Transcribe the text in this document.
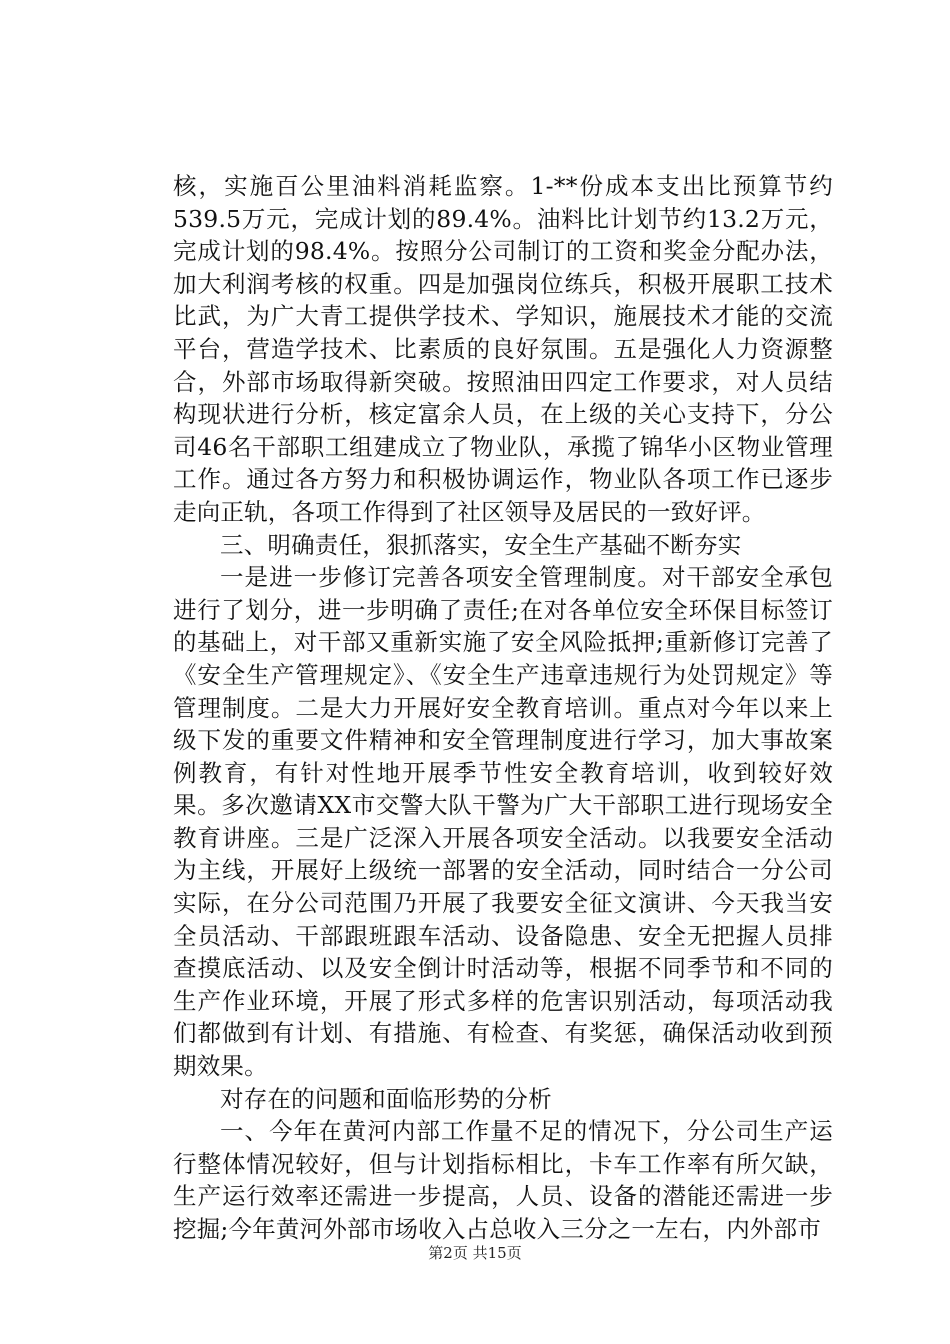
核，实施百公里油料消耗监察。1-**份成本支出比预算节约539.5万元，完成计划的89.4%。油料比计划节约13.2万元，完成计划的98.4%。按照分公司制订的工资和奖金分配办法，加大利润考核的权重。四是加强岗位练兵，积极开展职工技术比武，为广大青工提供学技术、学知识，施展技术才能的交流平台，营造学技术、比素质的良好氛围。五是强化人力资源整合，外部市场取得新突破。按照油田四定工作要求，对人员结构现状进行分析，核定富余人员，在上级的关心支持下，分公司46名干部职工组建成立了物业队，承揽了锦华小区物业管理工作。通过各方努力和积极协调运作，物业队各项工作已逐步走向正轨，各项工作得到了社区领导及居民的一致好评。

三、明确责任，狠抓落实，安全生产基础不断夯实

一是进一步修订完善各项安全管理制度。对干部安全承包进行了划分，进一步明确了责任;在对各单位安全环保目标签订的基础上，对干部又重新实施了安全风险抵押;重新修订完善了《安全生产管理规定》、《安全生产违章违规行为处罚规定》等管理制度。二是大力开展好安全教育培训。重点对今年以来上级下发的重要文件精神和安全管理制度进行学习，加大事故案例教育，有针对性地开展季节性安全教育培训，收到较好效果。多次邀请XX市交警大队干警为广大干部职工进行现场安全教育讲座。三是广泛深入开展各项安全活动。以我要安全活动为主线，开展好上级统一部署的安全活动，同时结合一分公司实际，在分公司范围乃开展了我要安全征文演讲、今天我当安全员活动、干部跟班跟车活动、设备隐患、安全无把握人员排查摸底活动、以及安全倒计时活动等，根据不同季节和不同的生产作业环境，开展了形式多样的危害识别活动，每项活动我们都做到有计划、有措施、有检查、有奖惩，确保活动收到预期效果。

对存在的问题和面临形势的分析

一、今年在黄河内部工作量不足的情况下，分公司生产运行整体情况较好，但与计划指标相比，卡车工作率有所欠缺，生产运行效率还需进一步提高，人员、设备的潜能还需进一步挖掘;今年黄河外部市场收入占总收入三分之一左右，内外部市

第2页 共15页
